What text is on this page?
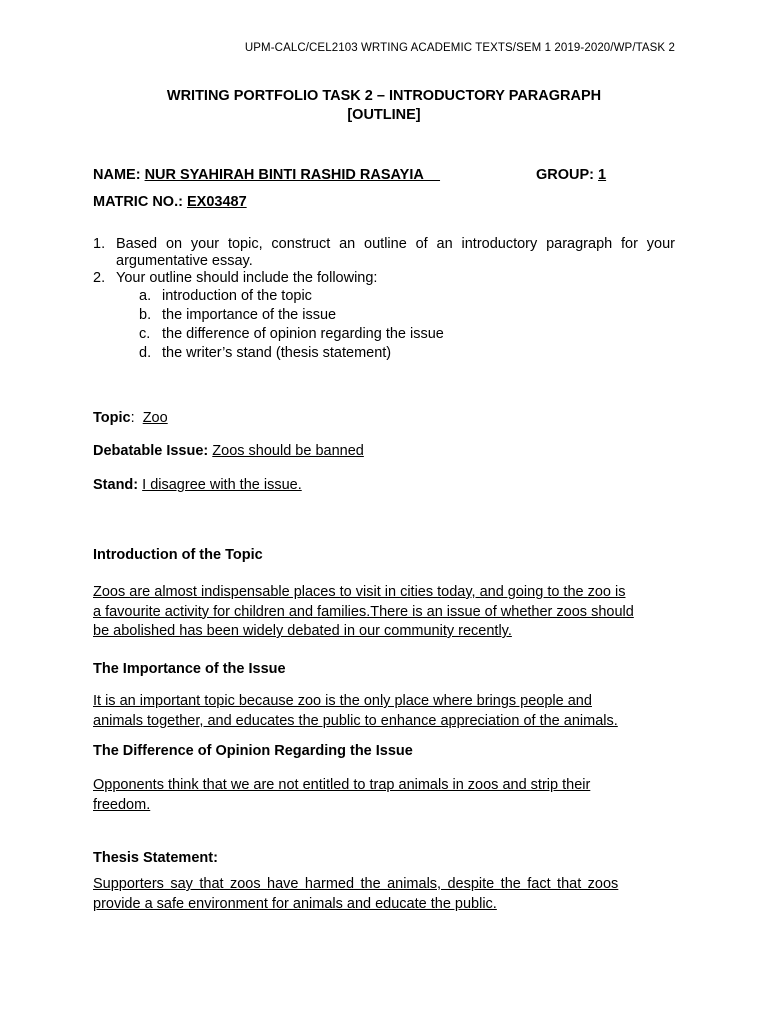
UPM-CALC/CEL2103 WRTING ACADEMIC TEXTS/SEM 1 2019-2020/WP/TASK 2
WRITING PORTFOLIO TASK 2 – INTRODUCTORY PARAGRAPH
[OUTLINE]
NAME: NUR SYAHIRAH BINTI RASHID RASAYIA__	GROUP: 1
MATRIC NO.: EX03487
1. Based on your topic, construct an outline of an introductory paragraph for your argumentative essay.
2. Your outline should include the following:
a. introduction of the topic
b. the importance of the issue
c. the difference of opinion regarding the issue
d. the writer’s stand (thesis statement)
Topic: Zoo
Debatable Issue: Zoos should be banned
Stand: I disagree with the issue.
Introduction of the Topic
Zoos are almost indispensable places to visit in cities today, and going to the zoo is
a favourite activity for children and families.There is an issue of whether zoos should
be abolished has been widely debated in our community recently.
The Importance of the Issue
It is an important topic because zoo is the only place where brings people and
animals together, and educates the public to enhance appreciation of the animals.
The Difference of Opinion Regarding the Issue
Opponents think that we are not entitled to trap animals in zoos and strip their
freedom.
Thesis Statement:
Supporters say that zoos have harmed the animals, despite the fact that zoos
provide a safe environment for animals and educate the public.
